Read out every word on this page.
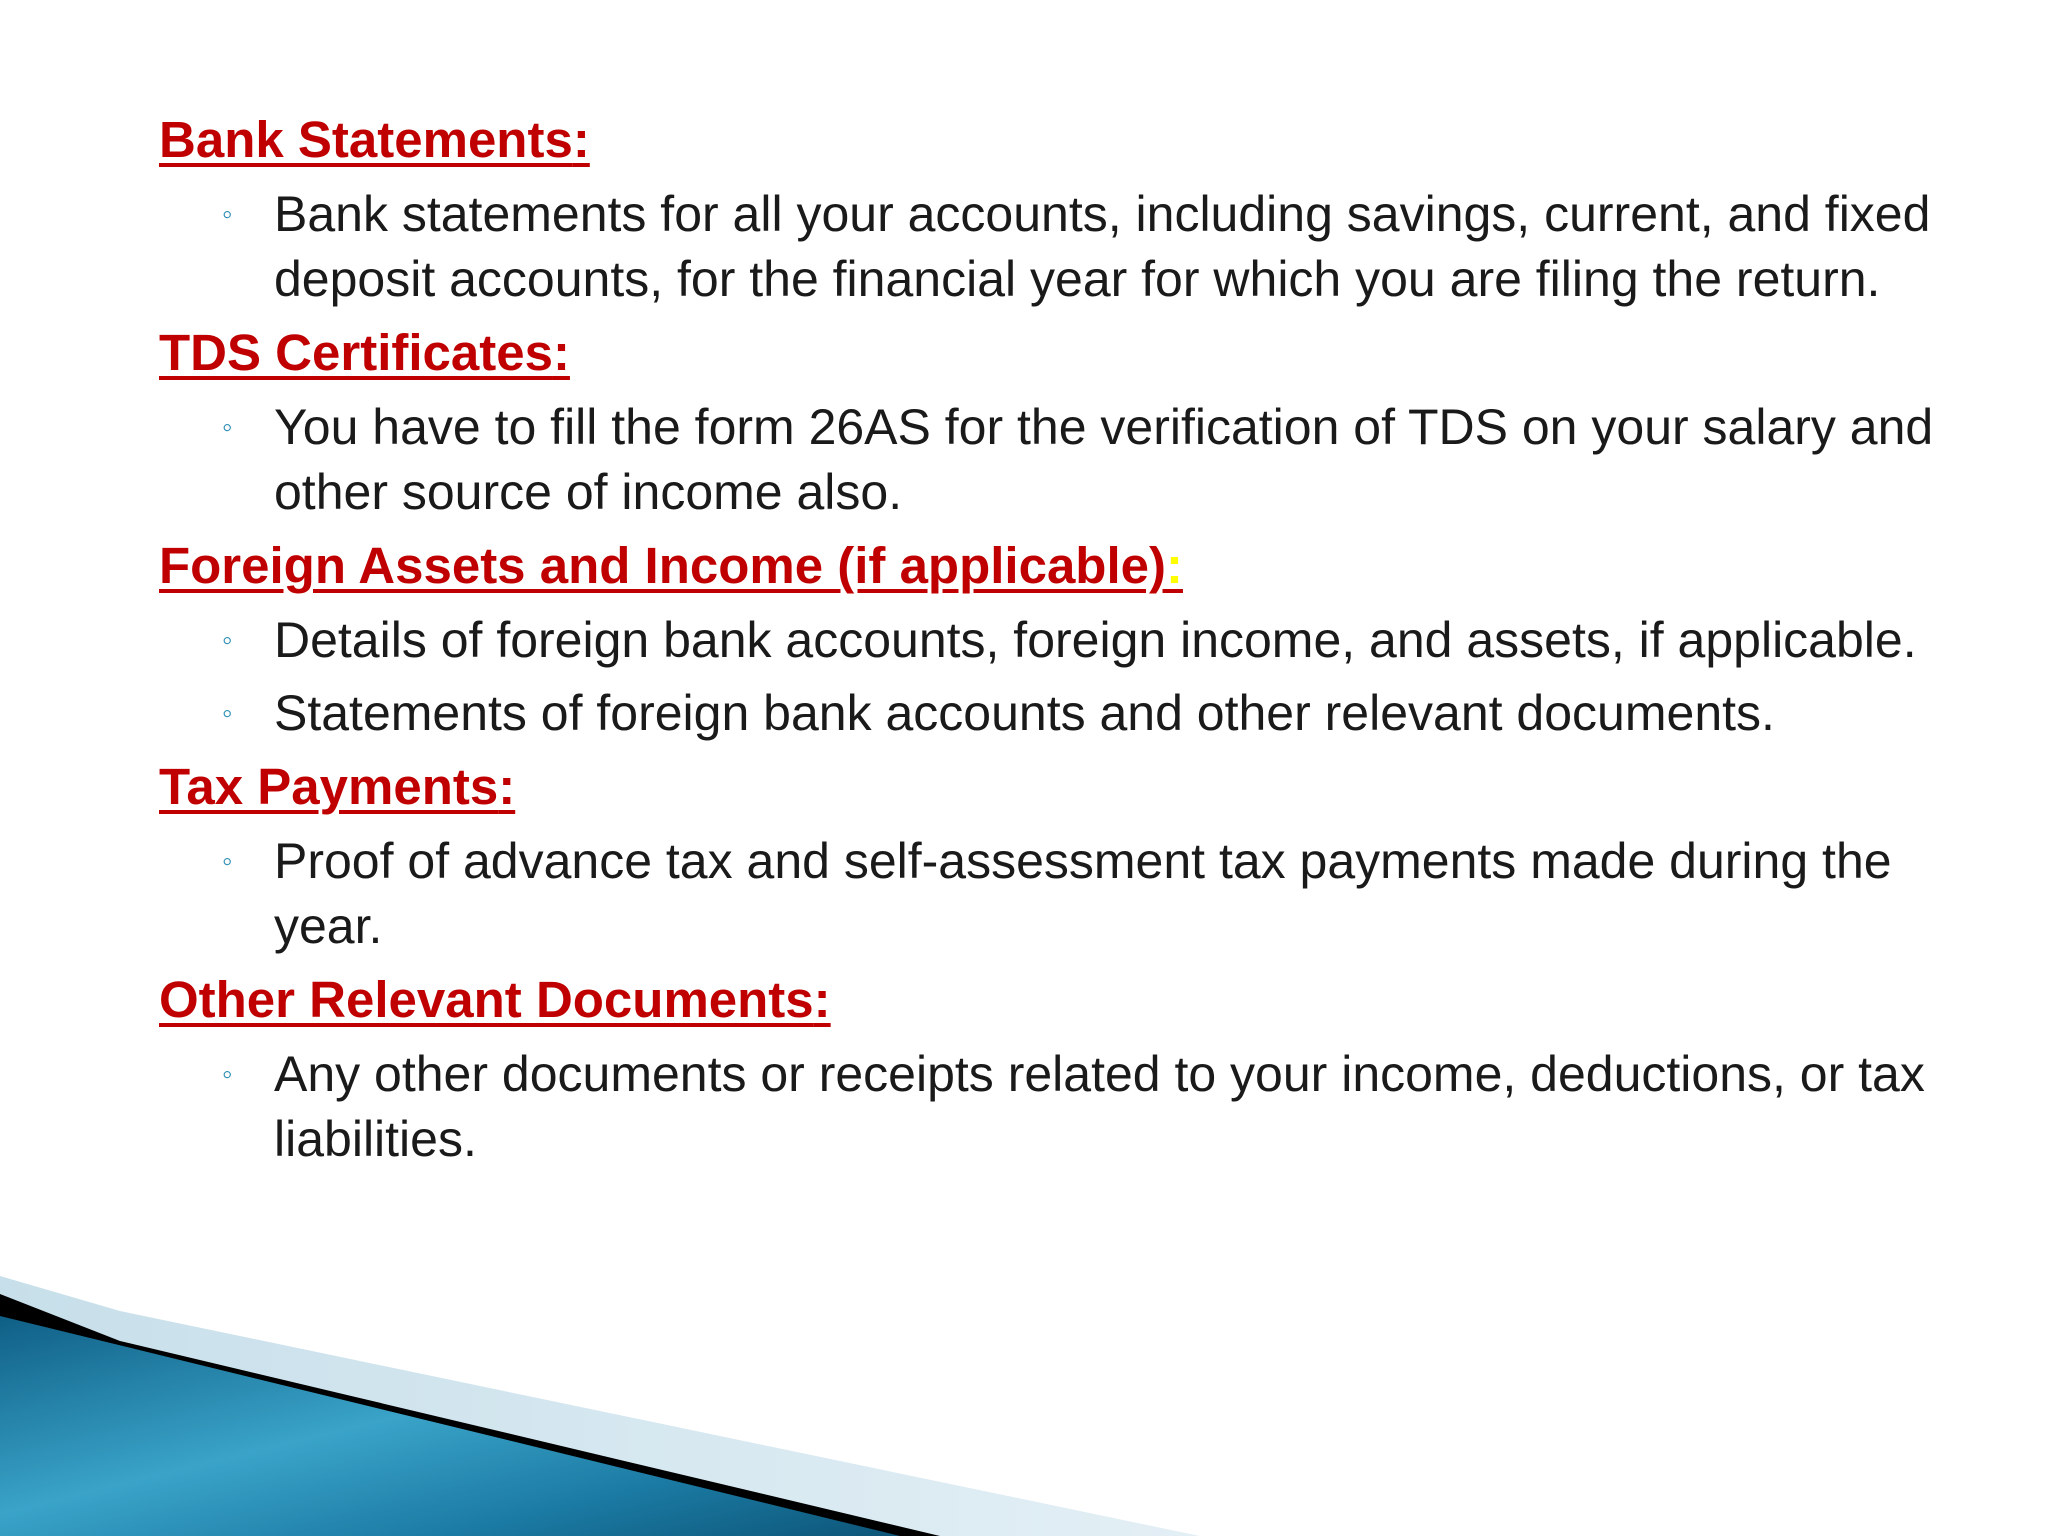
Bank Statements:
◦ Bank statements for all your accounts, including savings, current, and fixed deposit accounts, for the financial year for which you are filing the return.
TDS Certificates:
◦ You have to fill the form 26AS for the verification of TDS on your salary and other source of income also.
Foreign Assets and Income (if applicable):
◦ Details of foreign bank accounts, foreign income, and assets, if applicable.
◦ Statements of foreign bank accounts and other relevant documents.
Tax Payments:
◦ Proof of advance tax and self-assessment tax payments made during the year.
Other Relevant Documents:
◦ Any other documents or receipts related to your income, deductions, or tax liabilities.
